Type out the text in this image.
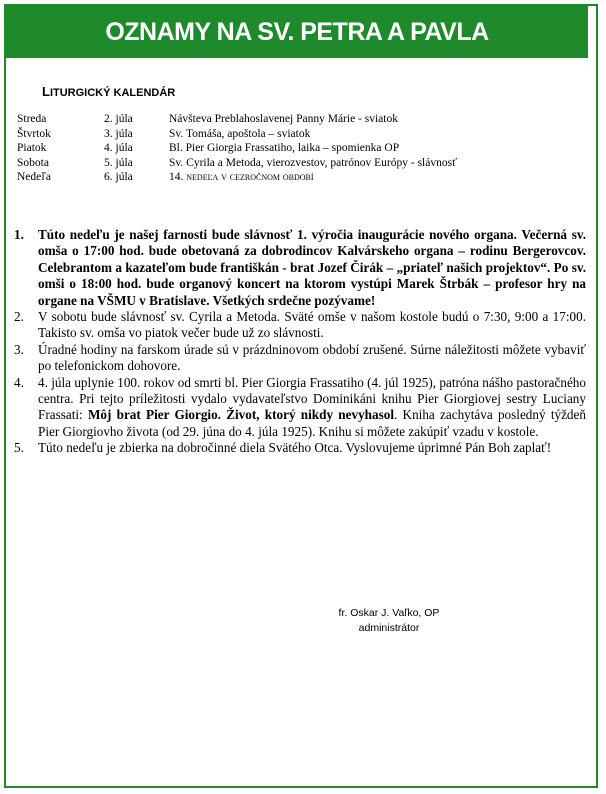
OZNAMY NA SV. PETRA A PAVLA
LITURGICKÝ KALENDÁR
Streda	2. júla	Návšteva Preblahoslavenej Panny Márie - sviatok
Štvrtok	3. júla	Sv. Tomáša, apoštola – sviatok
Piatok	4. júla	Bl. Pier Giorgia Frassatiho, laika – spomienka OP
Sobota	5. júla	Sv. Cyrila a Metoda, vierozvestov, patrónov Európy - slávnosť
Nedeľa	6. júla	14. nedeľa v cezročnom období
1.	Túto nedeľu je našej farnosti bude slávnosť 1. výročia inaugurácie nového organa. Večerná sv. omša o 17:00 hod. bude obetovaná za dobrodincov Kalvárskeho organa – rodinu Bergerovcov. Celebrantom a kazateľom bude františkán - brat Jozef Čirák – „priateľ našich projektov“. Po sv. omši o 18:00 hod. bude organový koncert na ktorom vystúpi Marek Štrbák – profesor hry na organe na VŠMU v Bratislave. Všetkých srdečne pozývame!
2.	V sobotu bude slávnosť sv. Cyrila a Metoda. Sväté omše v našom kostole budú o 7:30, 9:00 a 17:00. Takisto sv. omša vo piatok večer bude už zo slávnosti.
3.	Úradné hodiny na farskom úrade sú v prázdninovom období zrušené. Súrne náležitosti môžete vybaviť po telefonickom dohovore.
4.	4. júla uplynie 100. rokov od smrti bl. Pier Giorgia Frassatiho (4. júl 1925), patróna nášho pastoračného centra. Pri tejto príležitosti vydalo vydavateľstvo Dominikáni knihu Pier Giorgiovej sestry Luciany Frassati: Môj brat Pier Giorgio. Život, ktorý nikdy nevyhasol. Kniha zachytáva posledný týždeň Pier Giorgiovho života (od 29. júna do 4. júla 1925). Knihu si môžete zakúpiť vzadu v kostole.
5.	Túto nedeľu je zbierka na dobročinné diela Svätého Otca. Vyslovujeme úprimné Pán Boh zaplať!
fr. Oskar J. Vaľko, OP
administrátor
